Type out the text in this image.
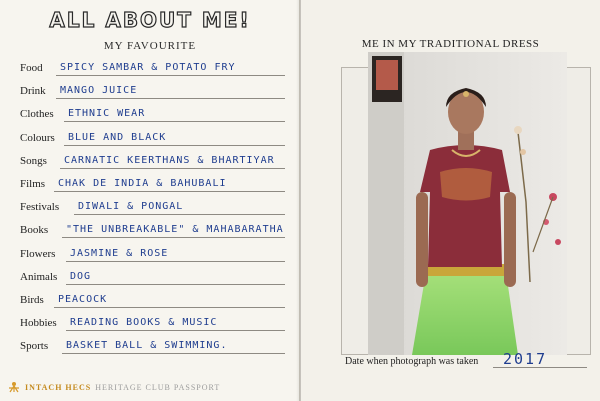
ALL ABOUT ME!
MY FAVOURITE
Food SPICY SAMBAR & POTATO FRY
Drink MANGO JUICE
Clothes ETHNIC WEAR
Colours BLUE AND BLACK
Songs CARNATIC KEERTHANS & BHARTIYAR
Films CHAK DE INDIA & BAHUBALI
Festivals DIWALI & PONGAL
Books "THE UNBREAKABLE" & MAHABARATHA
Flowers JASMINE & ROSE
Animals DOG
Birds PEACOCK
Hobbies READING BOOKS & MUSIC
Sports BASKET BALL & SWIMMING.
INTACH HECS HERITAGE CLUB PASSPORT
ME IN MY TRADITIONAL DRESS
Date when photograph was taken 2017
